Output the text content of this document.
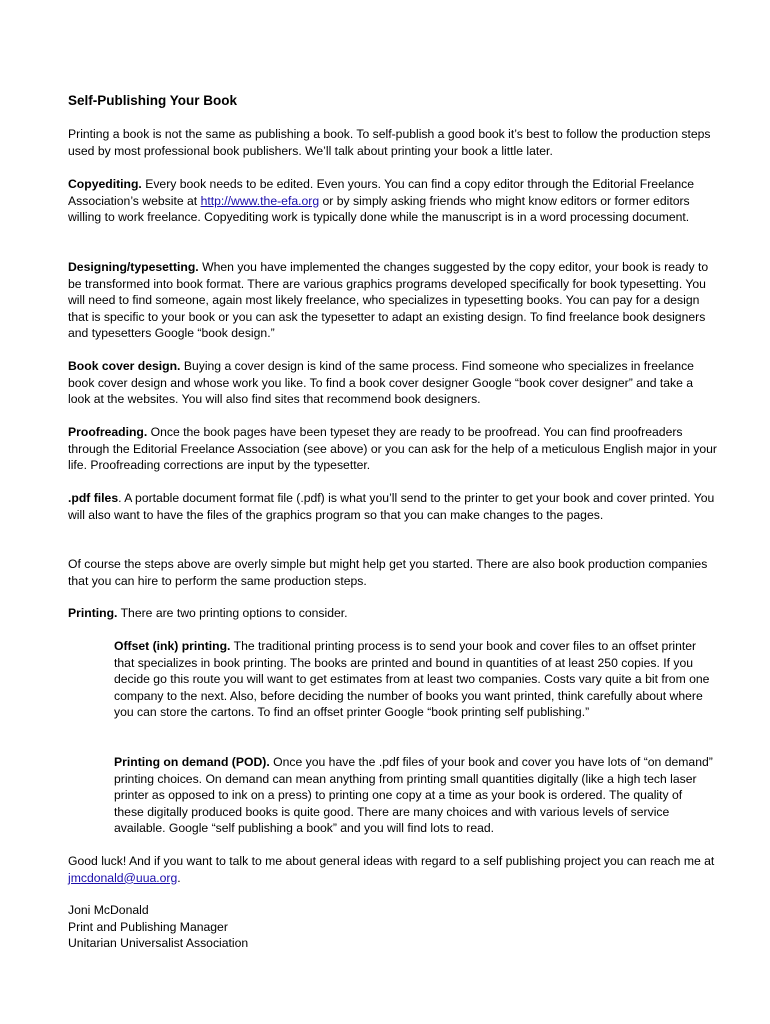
Self-Publishing Your Book

Printing a book is not the same as publishing a book. To self-publish a good book it’s best to follow the production steps used by most professional book publishers. We’ll talk about printing your book a little later.

Copyediting. Every book needs to be edited. Even yours. You can find a copy editor through the Editorial Freelance Association’s website at http://www.the-efa.org or by simply asking friends who might know editors or former editors willing to work freelance. Copyediting work is typically done while the manuscript is in a word processing document.

Designing/typesetting. When you have implemented the changes suggested by the copy editor, your book is ready to be transformed into book format. There are various graphics programs developed specifically for book typesetting. You will need to find someone, again most likely freelance, who specializes in typesetting books. You can pay for a design that is specific to your book or you can ask the typesetter to adapt an existing design. To find freelance book designers and typesetters Google “book design.”

Book cover design. Buying a cover design is kind of the same process. Find someone who specializes in freelance book cover design and whose work you like. To find a book cover designer Google “book cover designer” and take a look at the websites. You will also find sites that recommend book designers.

Proofreading. Once the book pages have been typeset they are ready to be proofread. You can find proofreaders through the Editorial Freelance Association (see above) or you can ask for the help of a meticulous English major in your life. Proofreading corrections are input by the typesetter.

.pdf files. A portable document format file (.pdf) is what you’ll send to the printer to get your book and cover printed. You will also want to have the files of the graphics program so that you can make changes to the pages.

Of course the steps above are overly simple but might help get you started. There are also book production companies that you can hire to perform the same production steps.

Printing. There are two printing options to consider.

Offset (ink) printing. The traditional printing process is to send your book and cover files to an offset printer that specializes in book printing. The books are printed and bound in quantities of at least 250 copies. If you decide go this route you will want to get estimates from at least two companies. Costs vary quite a bit from one company to the next. Also, before deciding the number of books you want printed, think carefully about where you can store the cartons. To find an offset printer Google “book printing self publishing.”

Printing on demand (POD). Once you have the .pdf files of your book and cover you have lots of “on demand” printing choices. On demand can mean anything from printing small quantities digitally (like a high tech laser printer as opposed to ink on a press) to printing one copy at a time as your book is ordered. The quality of these digitally produced books is quite good. There are many choices and with various levels of service available. Google “self publishing a book” and you will find lots to read.

Good luck! And if you want to talk to me about general ideas with regard to a self publishing project you can reach me at jmcdonald@uua.org.

Joni McDonald
Print and Publishing Manager
Unitarian Universalist Association
